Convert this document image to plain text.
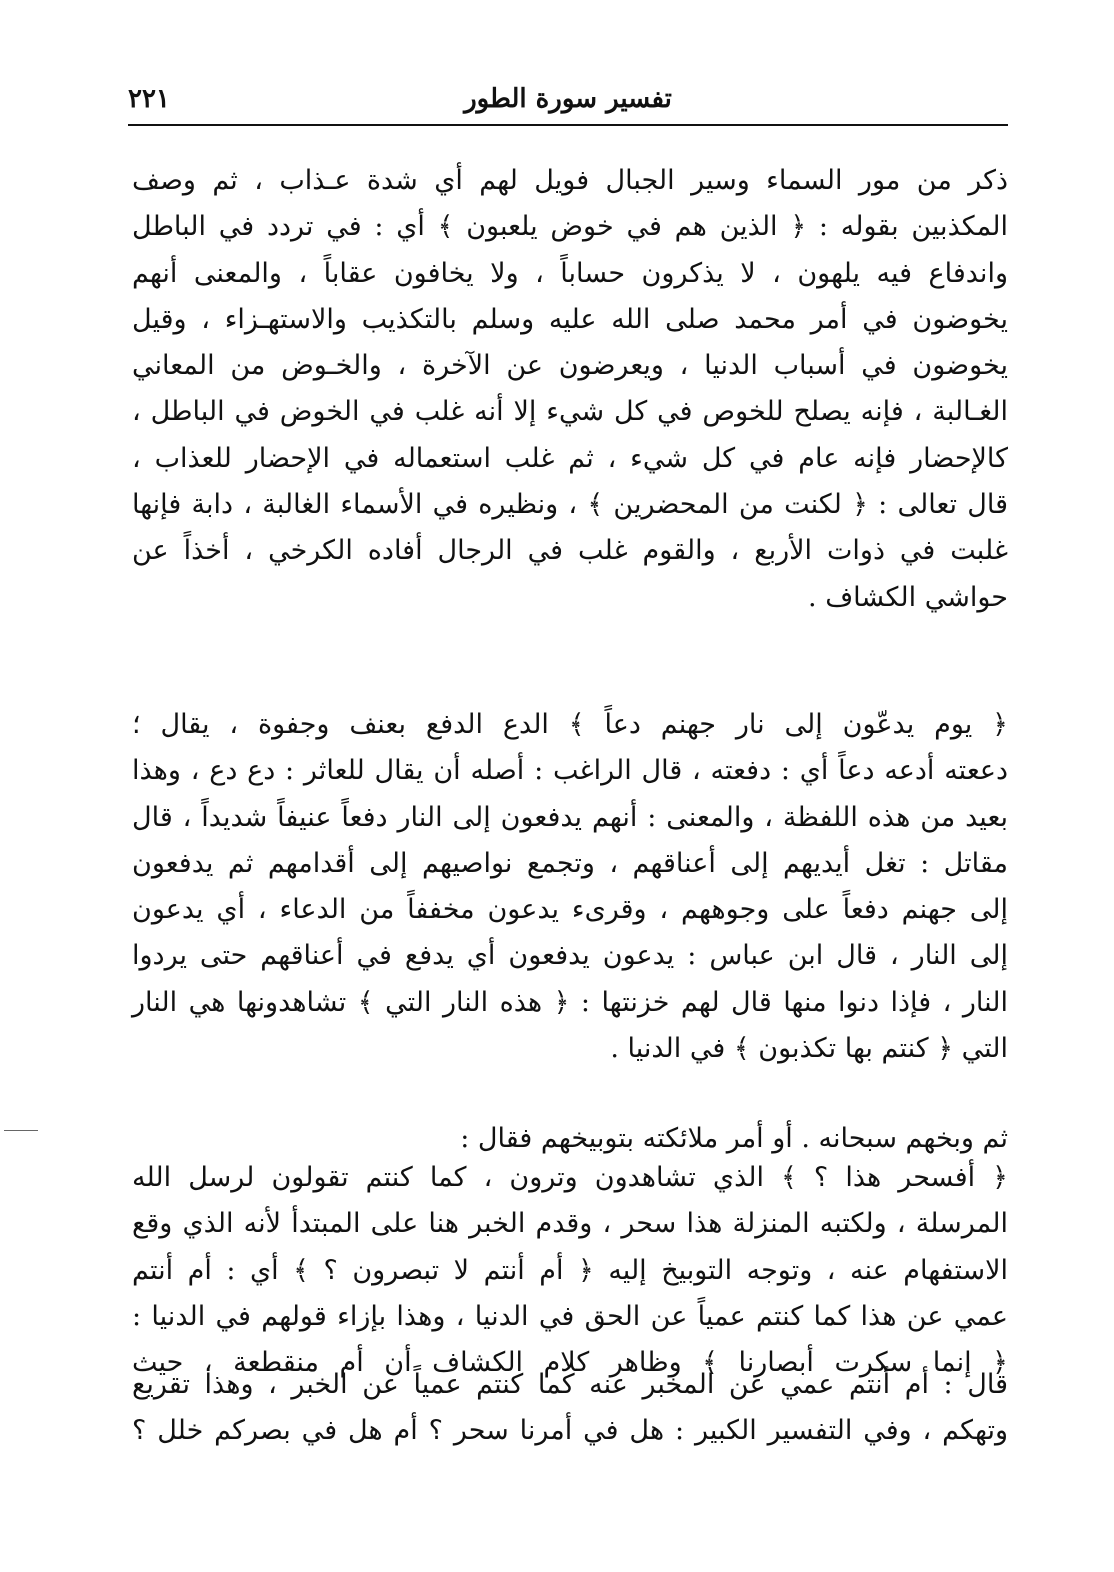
تفسير سورة الطور
٢٢١
ذكر من مور السماء وسير الجبال فويل لهم أي شدة عـذاب ، ثم وصف
المكذبين بقوله : ﴿ الذين هم في خوض يلعبون ﴾ أي : في تردد في الباطل
واندفاع فيه يلهون ، لا يذكرون حساباً ، ولا يخافون عقاباً ، والمعنى أنهم
يخوضون في أمر محمد صلى الله عليه وسلم بالتكذيب والاستهـزاء ، وقيل
يخوضون في أسباب الدنيا ، ويعرضون عن الآخرة ، والخـوض من المعاني
الغـالبة ، فإنه يصلح للخوص في كل شيء إلا أنه غلب في الخوض في الباطل ،
كالإحضار فإنه عام في كل شيء ، ثم غلب استعماله في الإحضار للعذاب ،
قال تعالى : ﴿ لكنت من المحضرين ﴾ ، ونظيره في الأسماء الغالبة ، دابة فإنها
غلبت في ذوات الأربع ، والقوم غلب في الرجال أفاده الكرخي ، أخذاً عن
حواشي الكشاف .
﴿ يوم يدعّون إلى نار جهنم دعاً ﴾ الدع الدفع بعنف وجفوة ، يقال ؛
دععته أدعه دعاً أي : دفعته ، قال الراغب : أصله أن يقال للعاثر : دع دع ، وهذا
بعيد من هذه اللفظة ، والمعنى : أنهم يدفعون إلى النار دفعاً عنيفاً شديداً ، قال
مقاتل : تغل أيديهم إلى أعناقهم ، وتجمع نواصيهم إلى أقدامهم ثم يدفعون
إلى جهنم دفعاً على وجوههم ، وقرىء يدعون مخففاً من الدعاء ، أي يدعون
إلى النار ، قال ابن عباس : يدعون يدفعون أي يدفع في أعناقهم حتى يردوا
النار ، فإذا دنوا منها قال لهم خزنتها : ﴿ هذه النار التي ﴾ تشاهدونها هي النار
التي ﴿ كنتم بها تكذبون ﴾ في الدنيا .
ثم وبخهم سبحانه . أو أمر ملائكته بتوبيخهم فقال :
﴿ أفسحر هذا ؟ ﴾ الذي تشاهدون وترون ، كما كنتم تقولون لرسل الله
المرسلة ، ولكتبه المنزلة هذا سحر ، وقدم الخبر هنا على المبتدأ لأنه الذي وقع
الاستفهام عنه ، وتوجه التوبيخ إليه ﴿ أم أنتم لا تبصرون ؟ ﴾ أي : أم أنتم
عمي عن هذا كما كنتم عمياً عن الحق في الدنيا ، وهذا بإزاء قولهم في الدنيا :
﴿ إنما سكرت أبصارنا ﴾ وظاهر كلام الكشاف أن أم منقطعة ، حيث
قال : أم أنتم عمي عن المخبر عنه كما كنتم عمياً عن الخبر ، وهذا تقريع
وتهكم ، وفي التفسير الكبير : هل في أمرنا سحر ؟ أم هل في بصركم خلل ؟
